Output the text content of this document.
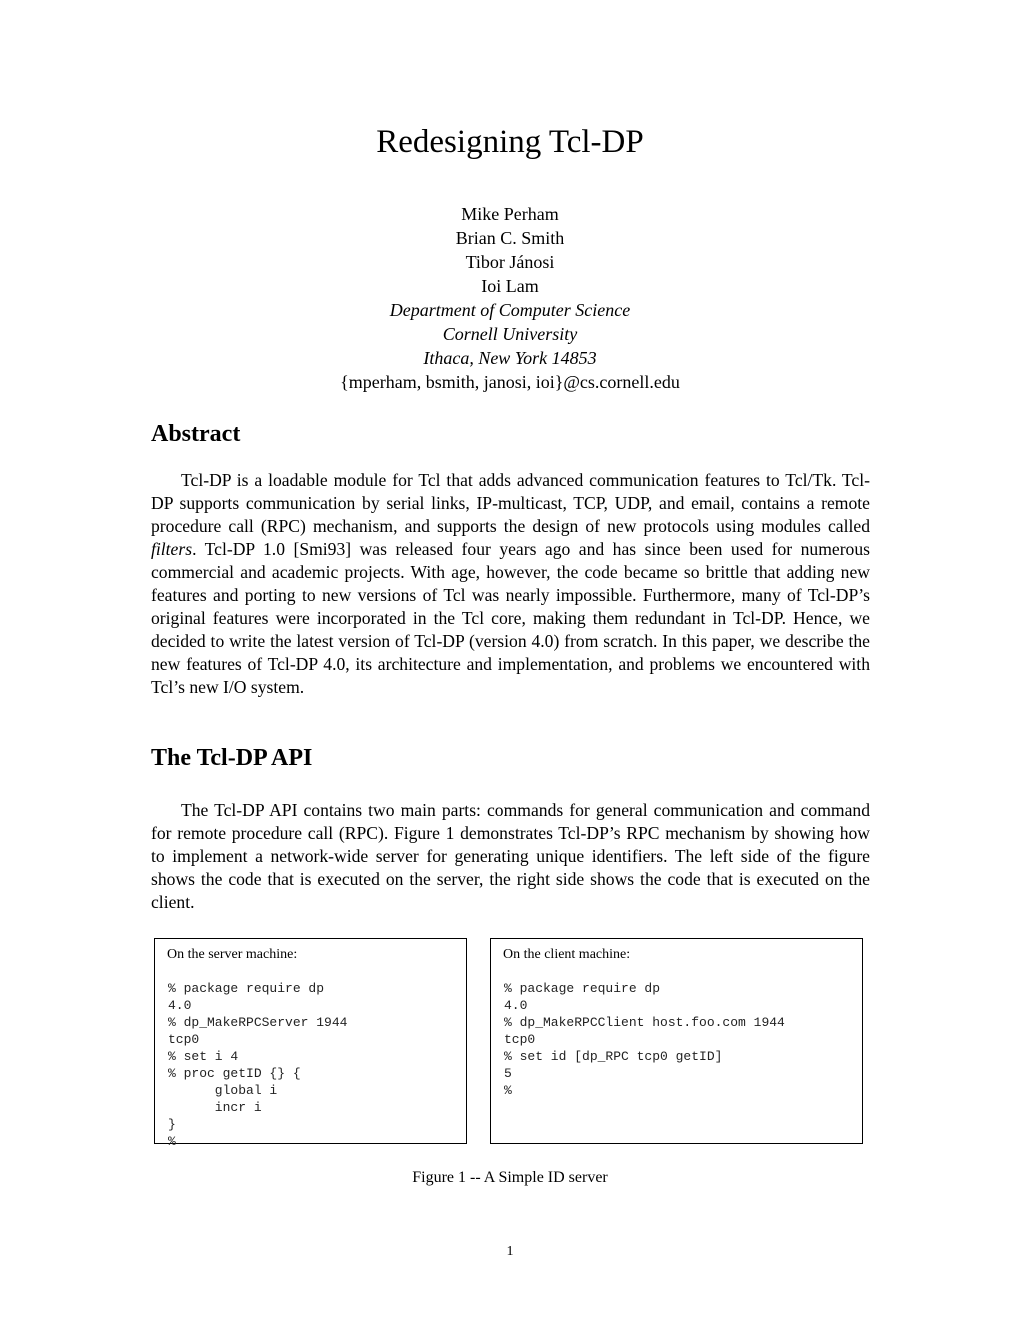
Redesigning Tcl-DP
Mike Perham
Brian C. Smith
Tibor Jánosi
Ioi Lam
Department of Computer Science
Cornell University
Ithaca, New York 14853
{mperham, bsmith, janosi, ioi}@cs.cornell.edu
Abstract

Tcl-DP is a loadable module for Tcl that adds advanced communication features to Tcl/Tk. Tcl-DP supports communication by serial links, IP-multicast, TCP, UDP, and email, contains a remote procedure call (RPC) mechanism, and supports the design of new protocols using modules called filters. Tcl-DP 1.0 [Smi93] was released four years ago and has since been used for numerous commercial and academic projects. With age, however, the code became so brittle that adding new features and porting to new versions of Tcl was nearly impossible. Furthermore, many of Tcl-DP’s original features were incorporated in the Tcl core, making them redundant in Tcl-DP. Hence, we decided to write the latest version of Tcl-DP (version 4.0) from scratch. In this paper, we describe the new features of Tcl-DP 4.0, its architecture and implementation, and problems we encountered with Tcl’s new I/O system.

The Tcl-DP API

The Tcl-DP API contains two main parts: commands for general communication and command for remote procedure call (RPC). Figure 1 demonstrates Tcl-DP’s RPC mechanism by showing how to implement a network-wide server for generating unique identifiers. The left side of the figure shows the code that is executed on the server, the right side shows the code that is executed on the client.

On the server machine:
% package require dp
4.0
% dp_MakeRPCServer 1944
tcp0
% set i 4
% proc getID {} {
global i
incr i
}
%
On the client machine:
% package require dp
4.0
% dp_MakeRPCClient host.foo.com 1944
tcp0
% set id [dp_RPC tcp0 getID]
5
%
Figure 1 -- A Simple ID server
1
